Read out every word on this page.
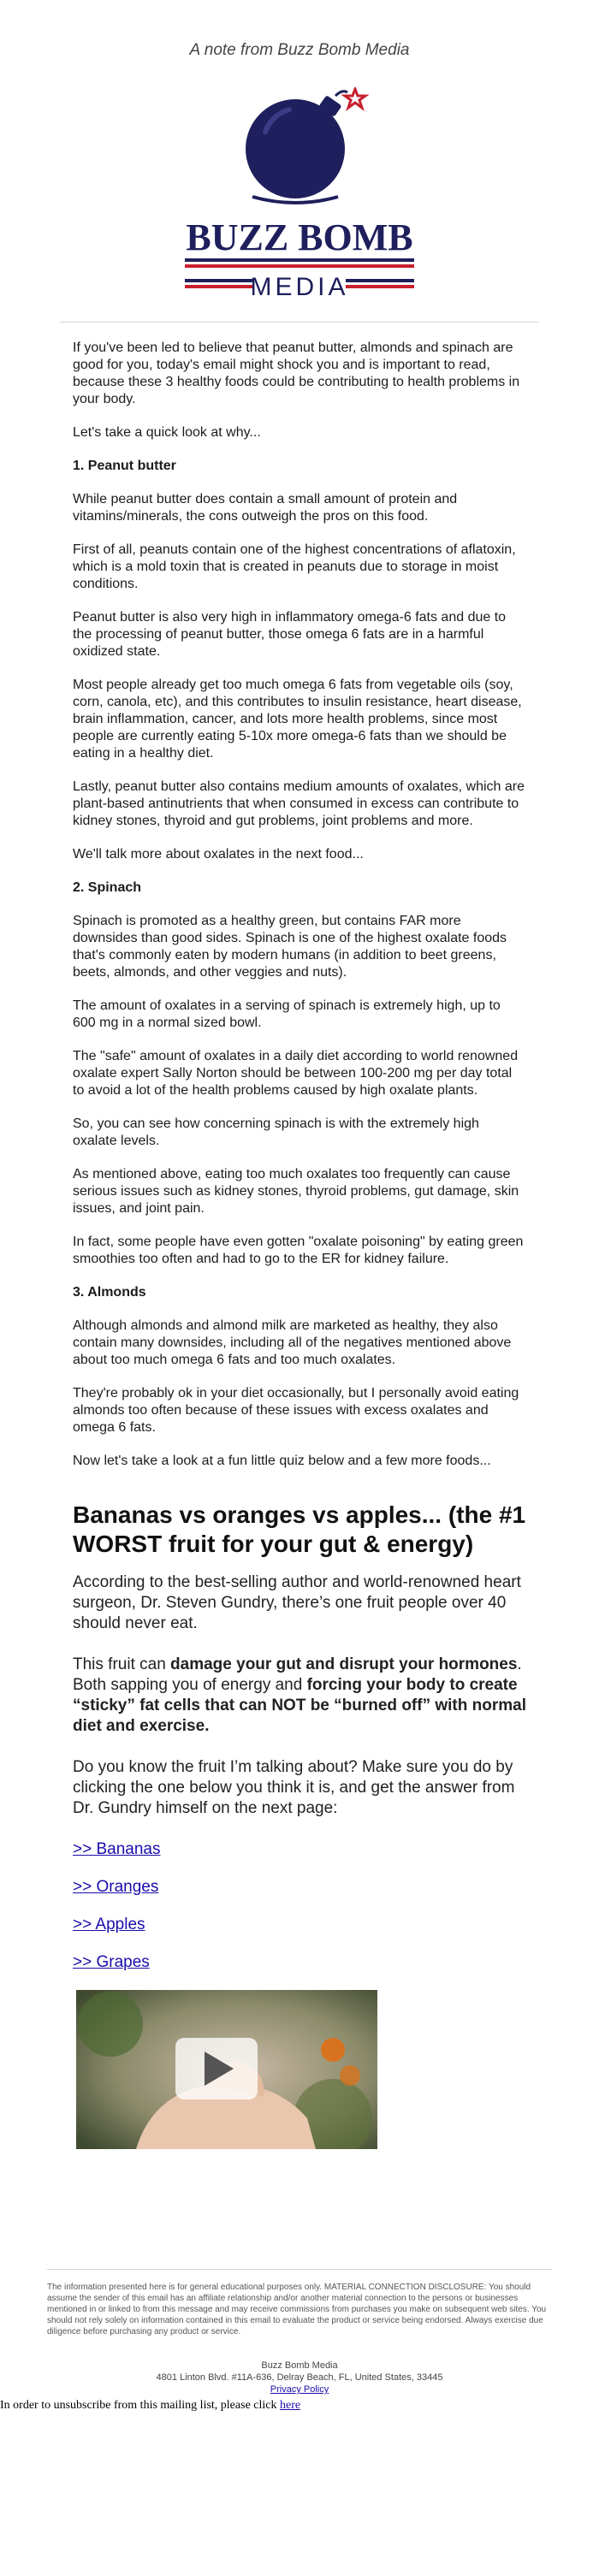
A note from Buzz Bomb Media
BUZZ BOMB
MEDIA

If you've been led to believe that peanut butter, almonds and spinach are good for you, today's email might shock you and is important to read, because these 3 healthy foods could be contributing to health problems in your body.

Let's take a quick look at why...

1. Peanut butter

While peanut butter does contain a small amount of protein and vitamins/minerals, the cons outweigh the pros on this food.

First of all, peanuts contain one of the highest concentrations of aflatoxin, which is a mold toxin that is created in peanuts due to storage in moist conditions.

Peanut butter is also very high in inflammatory omega-6 fats and due to the processing of peanut butter, those omega 6 fats are in a harmful oxidized state.

Most people already get too much omega 6 fats from vegetable oils (soy, corn, canola, etc), and this contributes to insulin resistance, heart disease, brain inflammation, cancer, and lots more health problems, since most people are currently eating 5-10x more omega-6 fats than we should be eating in a healthy diet.

Lastly, peanut butter also contains medium amounts of oxalates, which are plant-based antinutrients that when consumed in excess can contribute to kidney stones, thyroid and gut problems, joint problems and more.

We'll talk more about oxalates in the next food...

2. Spinach

Spinach is promoted as a healthy green, but contains FAR more downsides than good sides. Spinach is one of the highest oxalate foods that's commonly eaten by modern humans (in addition to beet greens, beets, almonds, and other veggies and nuts).

The amount of oxalates in a serving of spinach is extremely high, up to 600 mg in a normal sized bowl.

The "safe" amount of oxalates in a daily diet according to world renowned oxalate expert Sally Norton should be between 100-200 mg per day total to avoid a lot of the health problems caused by high oxalate plants.

So, you can see how concerning spinach is with the extremely high oxalate levels.

As mentioned above, eating too much oxalates too frequently can cause serious issues such as kidney stones, thyroid problems, gut damage, skin issues, and joint pain.

In fact, some people have even gotten "oxalate poisoning" by eating green smoothies too often and had to go to the ER for kidney failure.

3. Almonds

Although almonds and almond milk are marketed as healthy, they also contain many downsides, including all of the negatives mentioned above about too much omega 6 fats and too much oxalates.

They're probably ok in your diet occasionally, but I personally avoid eating almonds too often because of these issues with excess oxalates and omega 6 fats.

Now let's take a look at a fun little quiz below and a few more foods...

Bananas vs oranges vs apples... (the #1 WORST fruit for your gut & energy)

According to the best-selling author and world-renowned heart surgeon, Dr. Steven Gundry, there’s one fruit people over 40 should never eat.

This fruit can damage your gut and disrupt your hormones. Both sapping you of energy and forcing your body to create “sticky” fat cells that can NOT be “burned off” with normal diet and exercise.

Do you know the fruit I’m talking about? Make sure you do by clicking the one below you think it is, and get the answer from Dr. Gundry himself on the next page:

>> Bananas

>> Oranges

>> Apples

>> Grapes

The information presented here is for general educational purposes only. MATERIAL CONNECTION DISCLOSURE: You should assume the sender of this email has an affiliate relationship and/or another material connection to the persons or businesses mentioned in or linked to from this message and may receive commissions from purchases you make on subsequent web sites. You should not rely solely on information contained in this email to evaluate the product or service being endorsed. Always exercise due diligence before purchasing any product or service.
Buzz Bomb Media
4801 Linton Blvd. #11A-636, Delray Beach, FL, United States, 33445
Privacy Policy
In order to unsubscribe from this mailing list, please click here
